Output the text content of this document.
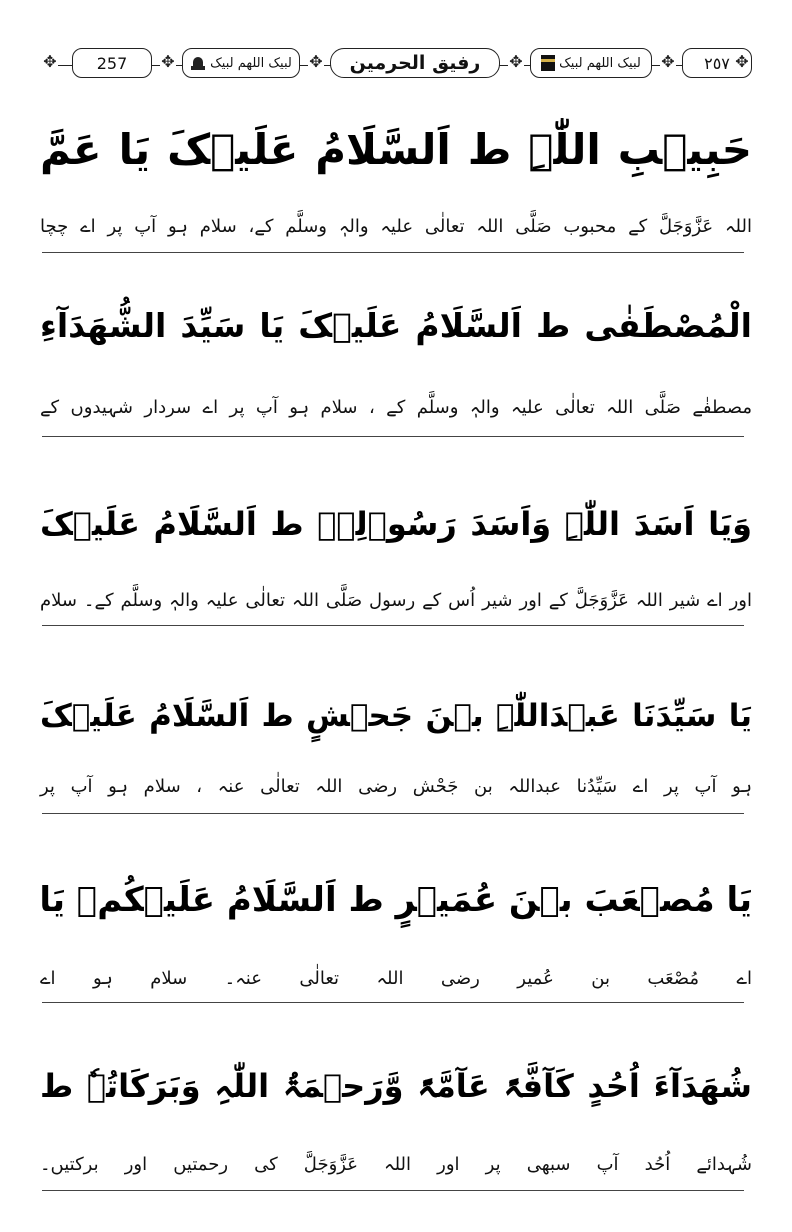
✥	257	✥	لبیک اللھم لبیک ✥	رفیق الحرمین	✥	لبیک اللھم لبیک ✥	٢٥٧ ✥
حَبِیۡبِ اللّٰہِ ط اَلسَّلَامُ عَلَیۡکَ یَا عَمَّ
اللہ عَزَّوَجَلَّ کے محبوب صَلَّی اللہ تعالٰی علیہ والہٖ وسلَّم کے، سلام ہو آپ پر اے چچا
الْمُصْطَفٰی ط اَلسَّلَامُ عَلَیۡکَ یَا سَیِّدَ الشُّھَدَآءِ
مصطفٰے صَلَّی اللہ تعالٰی علیہ والہٖ وسلَّم کے ، سلام ہو آپ پر اے سردار شہیدوں کے
وَیَا اَسَدَ اللّٰہِ وَاَسَدَ رَسُوۡلِہٖ ط اَلسَّلَامُ عَلَیۡکَ
اور اے شیر اللہ عَزَّوَجَلَّ کے اور شیر اُس کے رسول صَلَّی اللہ تعالٰی علیہ والہٖ وسلَّم کے۔ سلام
یَا سَیِّدَنَا عَبۡدَاللّٰہِ بۡنَ جَحۡشٍ ط اَلسَّلَامُ عَلَیۡکَ
ہو آپ پر اے سَیِّدُنا عبداللہ بن جَحْش رضی اللہ تعالٰی عنہ ، سلام ہو آپ پر
یَا مُصۡعَبَ بۡنَ عُمَیۡرٍ ط اَلسَّلَامُ عَلَیۡکُمۡ یَا
اے مُصْعَب بن عُمیر رضی اللہ تعالٰی عنہ۔ سلام ہو اے
شُھَدَآءَ اُحُدٍ کَآفَّۃً عَآمَّۃً وَّرَحۡمَۃُ اللّٰہِ وَبَرَکَاتُہٗ ط
شُہدائے اُحُد آپ سبھی پر اور اللہ عَزَّوَجَلَّ کی رحمتیں اور برکتیں۔
